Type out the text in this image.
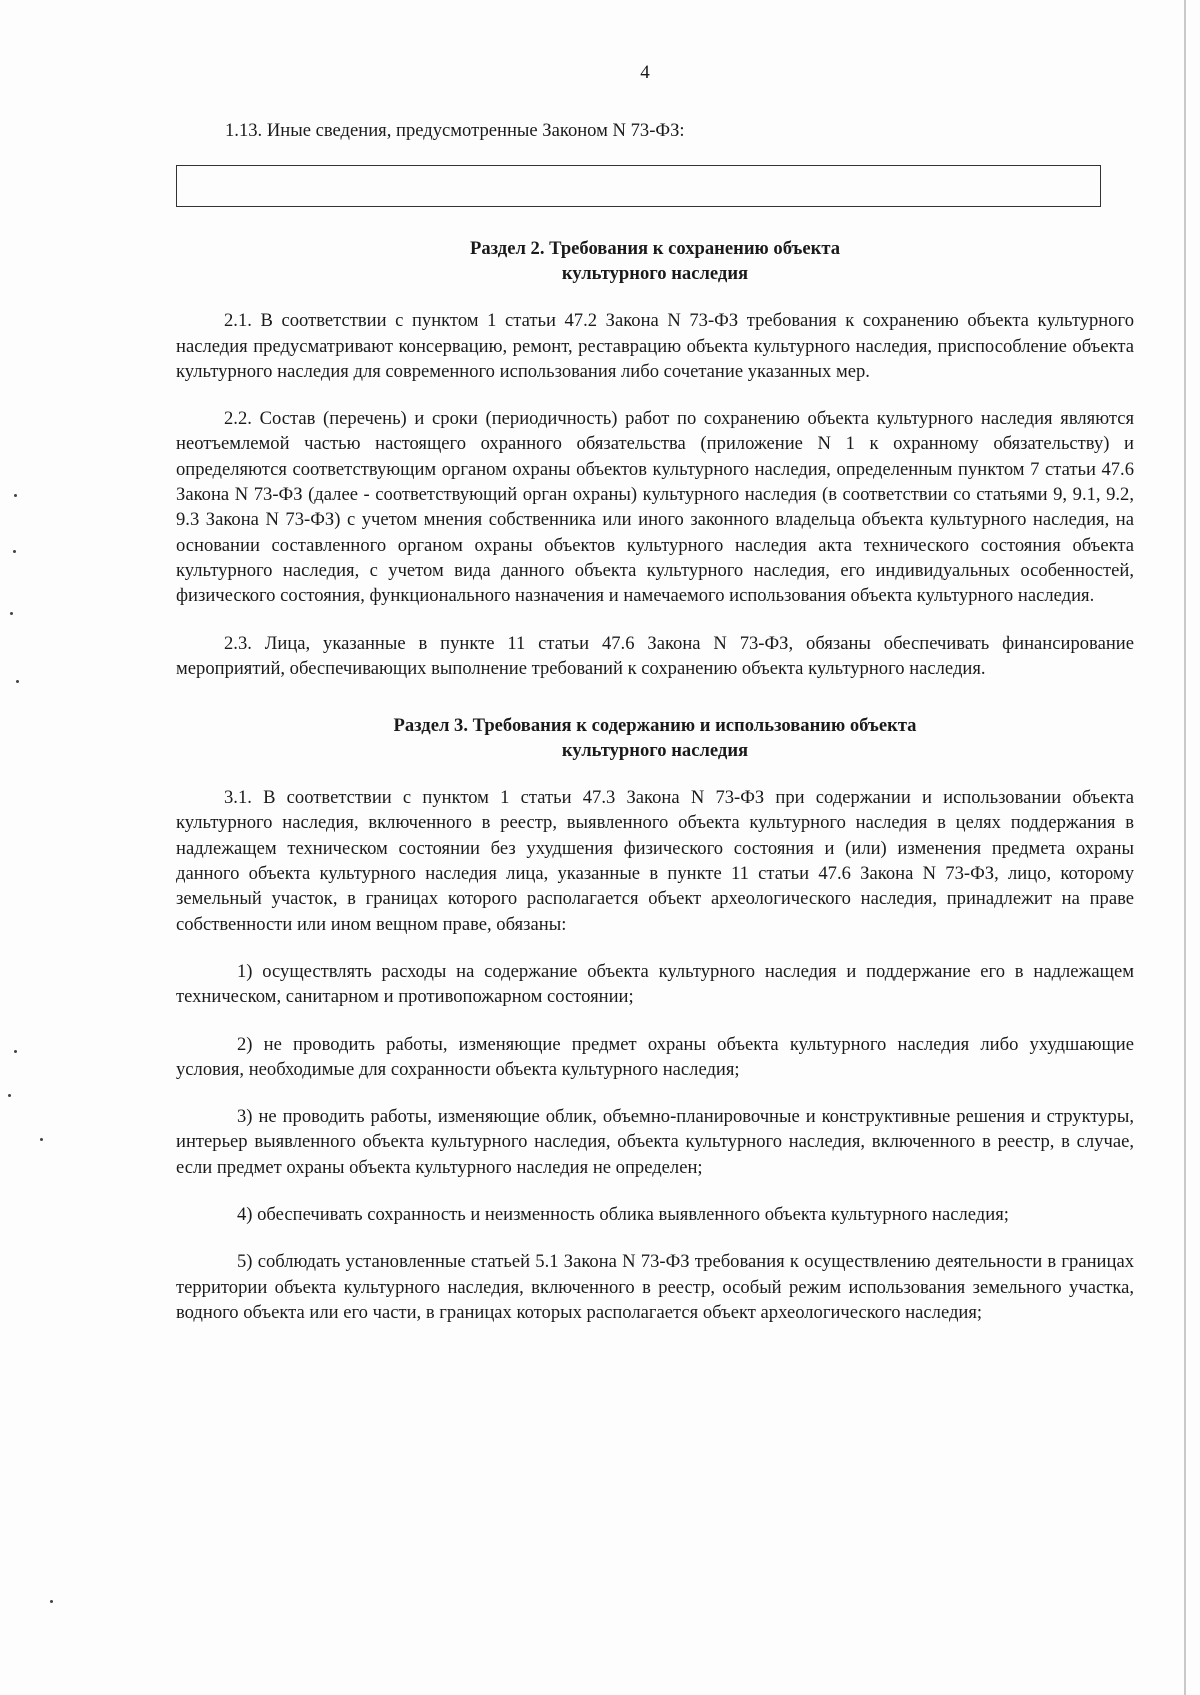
4

1.13. Иные сведения, предусмотренные Законом N 73-ФЗ:

Раздел 2. Требования к сохранению объекта
культурного наследия

2.1. В соответствии с пунктом 1 статьи 47.2 Закона N 73-ФЗ требования к сохранению объекта культурного наследия предусматривают консервацию, ремонт, реставрацию объекта культурного наследия, приспособление объекта культурного наследия для современного использования либо сочетание указанных мер.

2.2. Состав (перечень) и сроки (периодичность) работ по сохранению объекта культурного наследия являются неотъемлемой частью настоящего охранного обязательства (приложение N 1 к охранному обязательству) и определяются соответствующим органом охраны объектов культурного наследия, определенным пунктом 7 статьи 47.6 Закона N 73-ФЗ (далее - соответствующий орган охраны) культурного наследия (в соответствии со статьями 9, 9.1, 9.2, 9.3 Закона N 73-ФЗ) с учетом мнения собственника или иного законного владельца объекта культурного наследия, на основании составленного органом охраны объектов культурного наследия акта технического состояния объекта культурного наследия, с учетом вида данного объекта культурного наследия, его индивидуальных особенностей, физического состояния, функционального назначения и намечаемого использования объекта культурного наследия.

2.3. Лица, указанные в пункте 11 статьи 47.6 Закона N 73-ФЗ, обязаны обеспечивать финансирование мероприятий, обеспечивающих выполнение требований к сохранению объекта культурного наследия.

Раздел 3. Требования к содержанию и использованию объекта
культурного наследия

3.1. В соответствии с пунктом 1 статьи 47.3 Закона N 73-ФЗ при содержании и использовании объекта культурного наследия, включенного в реестр, выявленного объекта культурного наследия в целях поддержания в надлежащем техническом состоянии без ухудшения физического состояния и (или) изменения предмета охраны данного объекта культурного наследия лица, указанные в пункте 11 статьи 47.6 Закона N 73-ФЗ, лицо, которому земельный участок, в границах которого располагается объект археологического наследия, принадлежит на праве собственности или ином вещном праве, обязаны:

1) осуществлять расходы на содержание объекта культурного наследия и поддержание его в надлежащем техническом, санитарном и противопожарном состоянии;

2) не проводить работы, изменяющие предмет охраны объекта культурного наследия либо ухудшающие условия, необходимые для сохранности объекта культурного наследия;

3) не проводить работы, изменяющие облик, объемно-планировочные и конструктивные решения и структуры, интерьер выявленного объекта культурного наследия, объекта культурного наследия, включенного в реестр, в случае, если предмет охраны объекта культурного наследия не определен;

4) обеспечивать сохранность и неизменность облика выявленного объекта культурного наследия;

5) соблюдать установленные статьей 5.1 Закона N 73-ФЗ требования к осуществлению деятельности в границах территории объекта культурного наследия, включенного в реестр, особый режим использования земельного участка, водного объекта или его части, в границах которых располагается объект археологического наследия;
